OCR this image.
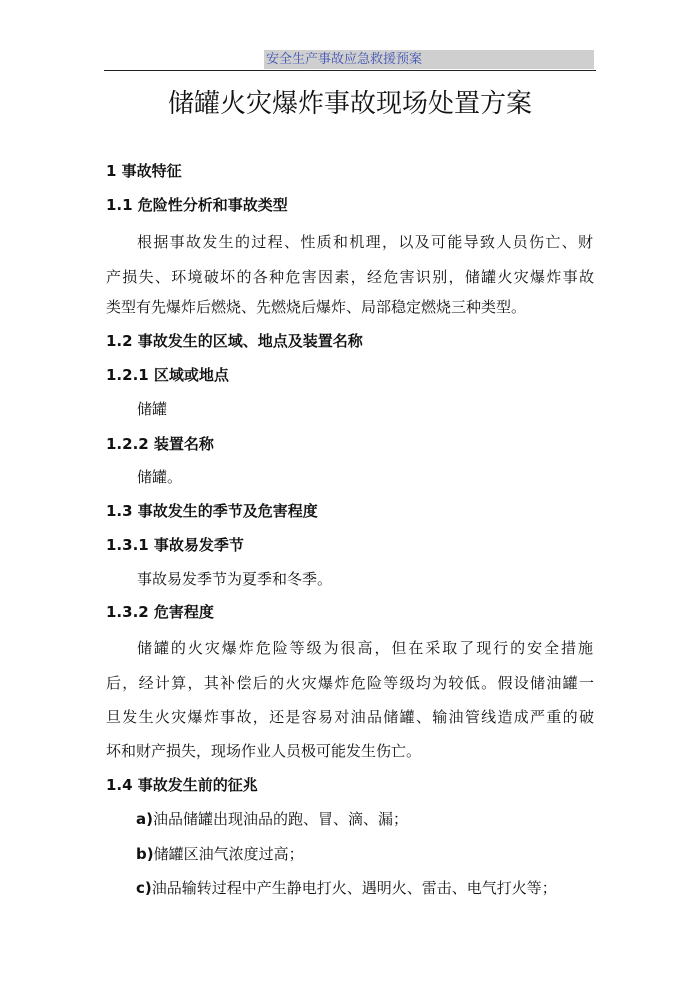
安全生产事故应急救援预案
储罐火灾爆炸事故现场处置方案
1 事故特征
1.1 危险性分析和事故类型
根据事故发生的过程、性质和机理，以及可能导致人员伤亡、财
产损失、环境破坏的各种危害因素，经危害识别，储罐火灾爆炸事故
类型有先爆炸后燃烧、先燃烧后爆炸、局部稳定燃烧三种类型。
1.2 事故发生的区域、地点及装置名称
1.2.1 区域或地点
储罐
1.2.2 装置名称
储罐。
1.3 事故发生的季节及危害程度
1.3.1 事故易发季节
事故易发季节为夏季和冬季。
1.3.2 危害程度
储罐的火灾爆炸危险等级为很高，但在采取了现行的安全措施
后，经计算，其补偿后的火灾爆炸危险等级均为较低。假设储油罐一
旦发生火灾爆炸事故，还是容易对油品储罐、输油管线造成严重的破
坏和财产损失，现场作业人员极可能发生伤亡。
1.4 事故发生前的征兆
a)油品储罐出现油品的跑、冒、滴、漏；
b)储罐区油气浓度过高；
c)油品输转过程中产生静电打火、遇明火、雷击、电气打火等；
